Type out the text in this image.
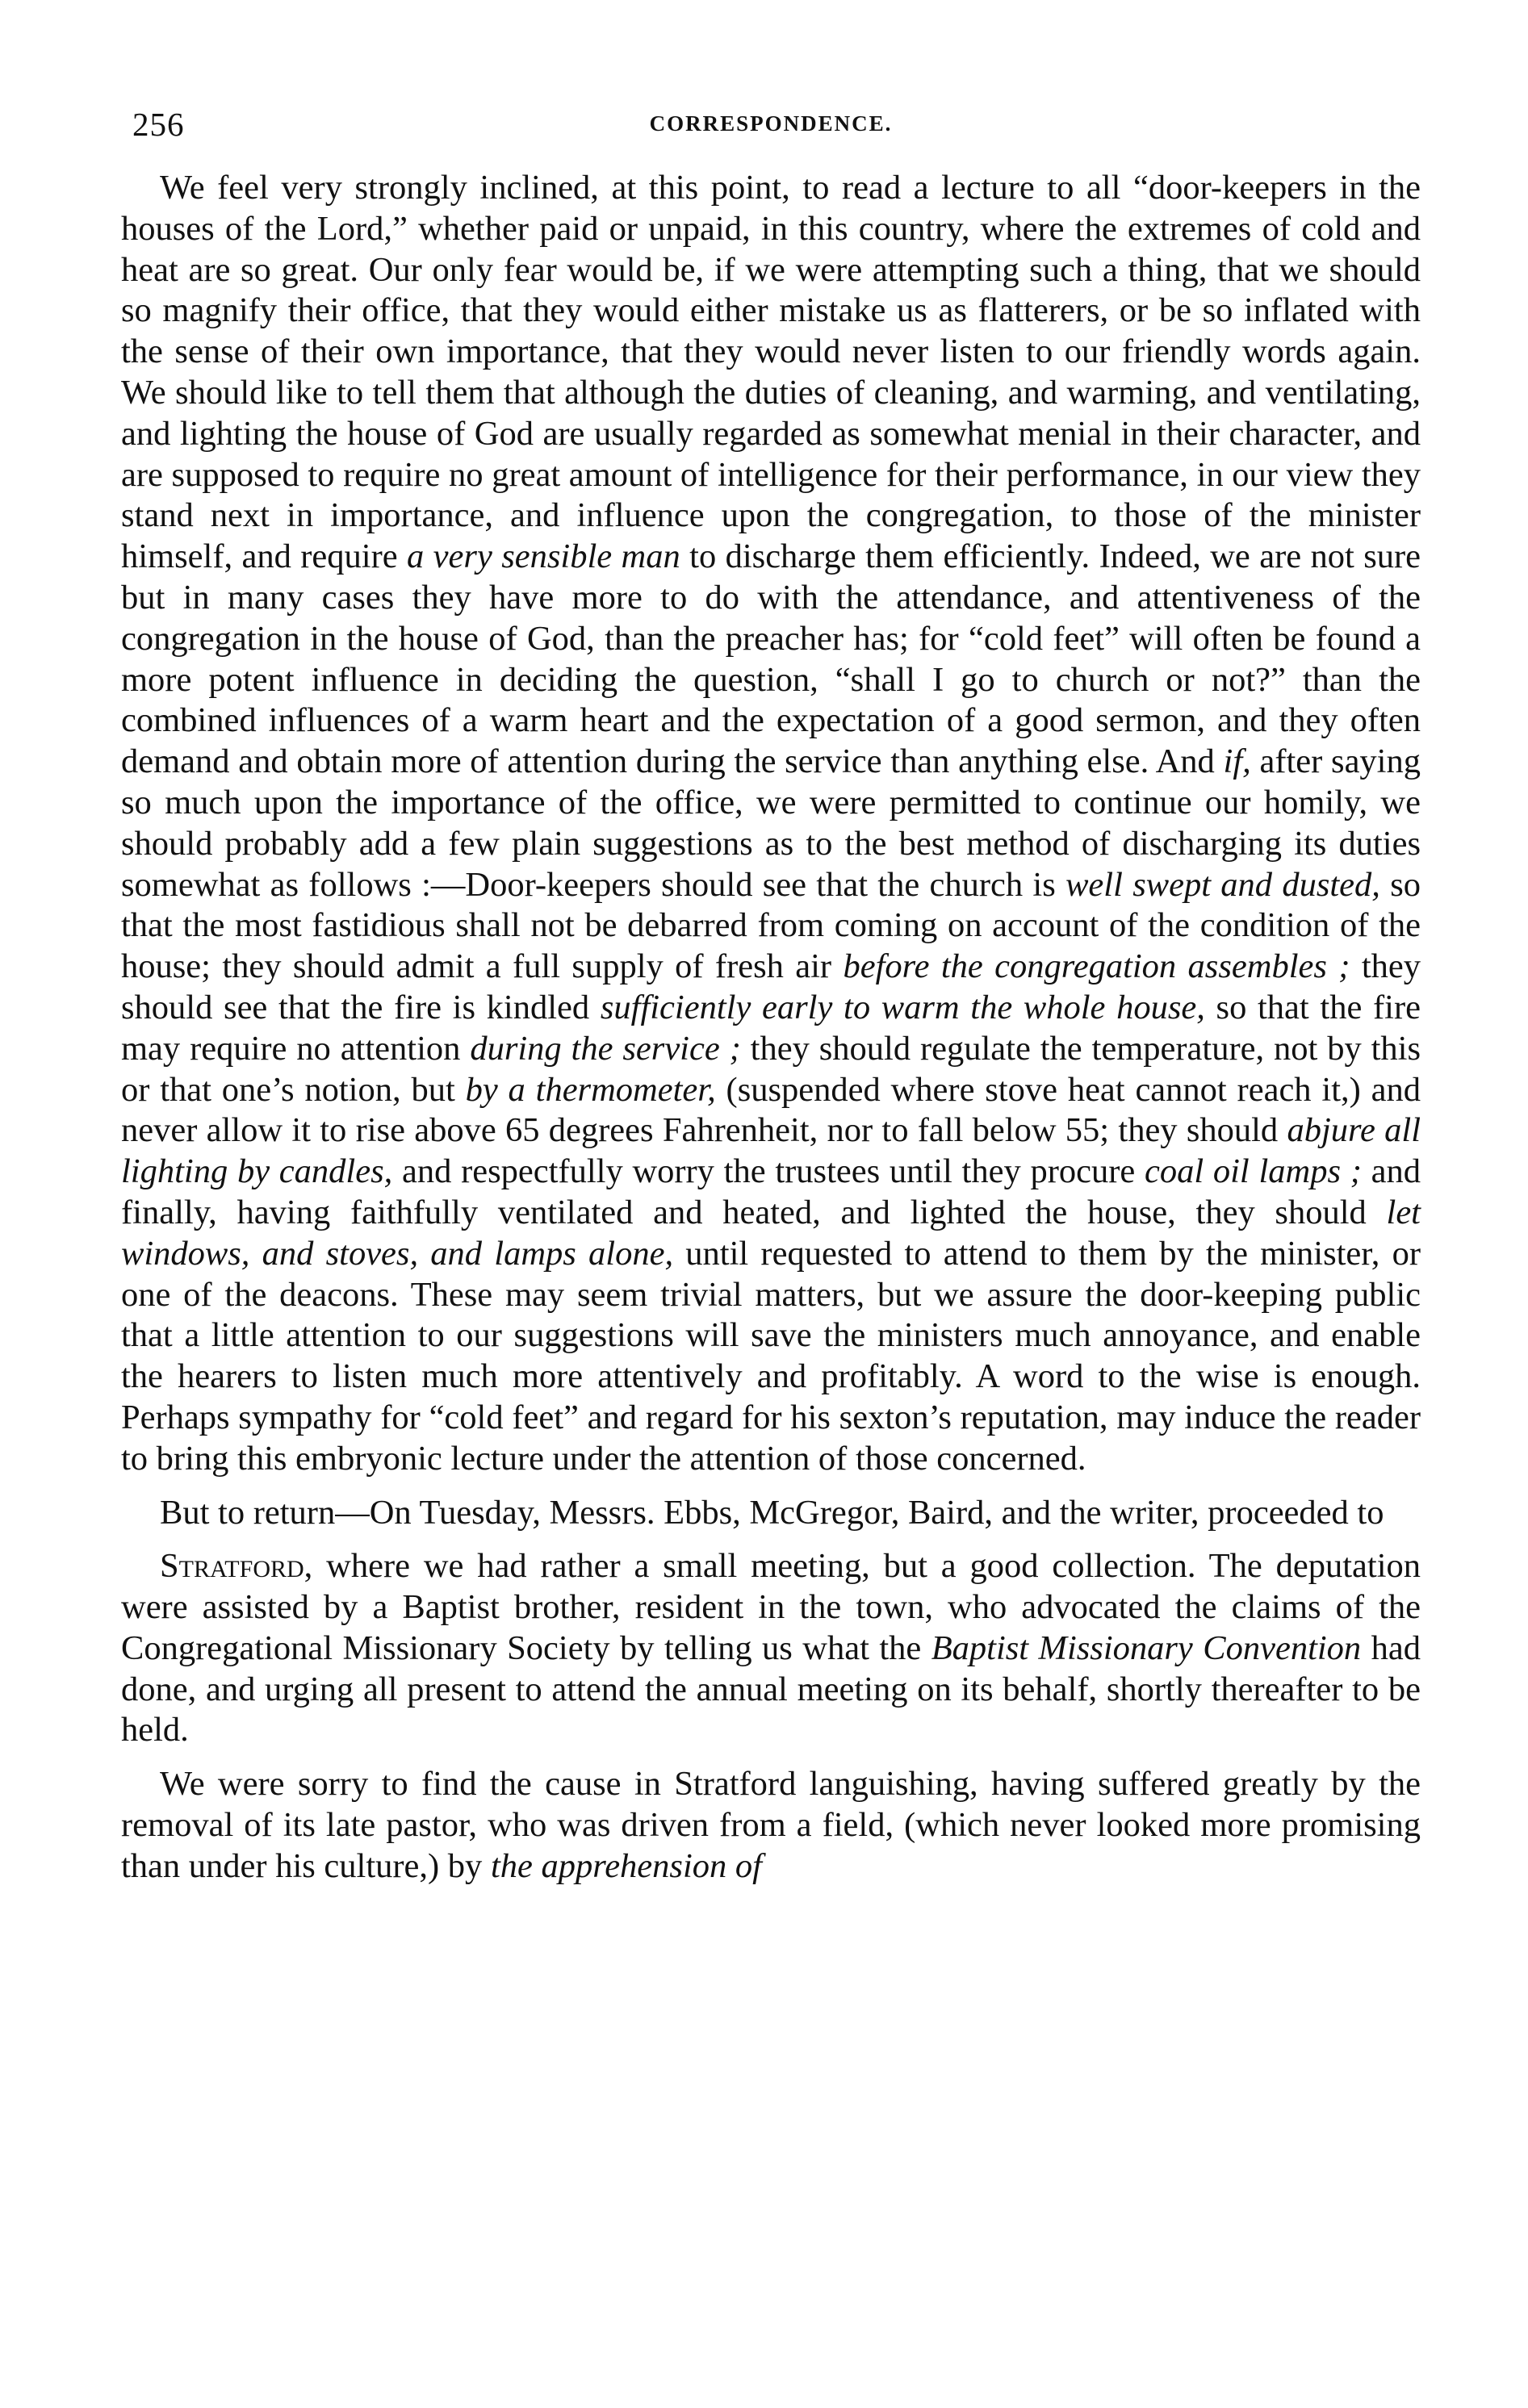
256	CORRESPONDENCE.

We feel very strongly inclined, at this point, to read a lecture to all “door-keepers in the houses of the Lord,” whether paid or unpaid, in this country, where the extremes of cold and heat are so great. Our only fear would be, if we were attempting such a thing, that we should so magnify their office, that they would either mistake us as flatterers, or be so inflated with the sense of their own importance, that they would never listen to our friendly words again. We should like to tell them that although the duties of cleaning, and warming, and ventilating, and lighting the house of God are usually regarded as somewhat menial in their character, and are supposed to require no great amount of intelligence for their performance, in our view they stand next in importance, and influence upon the congregation, to those of the minister himself, and require a very sensible man to discharge them efficiently. Indeed, we are not sure but in many cases they have more to do with the attendance, and attentiveness of the congregation in the house of God, than the preacher has; for “cold feet” will often be found a more potent influence in deciding the question, “shall I go to church or not?” than the combined influences of a warm heart and the expectation of a good sermon, and they often demand and obtain more of attention during the service than anything else. And if, after saying so much upon the importance of the office, we were permitted to continue our homily, we should probably add a few plain suggestions as to the best method of discharging its duties somewhat as follows :—Door-keepers should see that the church is well swept and dusted, so that the most fastidious shall not be debarred from coming on account of the condition of the house; they should admit a full supply of fresh air before the congregation assembles ; they should see that the fire is kindled sufficiently early to warm the whole house, so that the fire may require no attention during the service ; they should regulate the temperature, not by this or that one’s notion, but by a thermometer, (suspended where stove heat cannot reach it,) and never allow it to rise above 65 degrees Fahrenheit, nor to fall below 55; they should abjure all lighting by candles, and respectfully worry the trustees until they procure coal oil lamps ; and finally, having faithfully ventilated and heated, and lighted the house, they should let windows, and stoves, and lamps alone, until requested to attend to them by the minister, or one of the deacons. These may seem trivial matters, but we assure the door-keeping public that a little attention to our suggestions will save the ministers much annoyance, and enable the hearers to listen much more attentively and profitably. A word to the wise is enough. Perhaps sympathy for “cold feet” and regard for his sexton’s reputation, may induce the reader to bring this embryonic lecture under the attention of those concerned.

But to return—On Tuesday, Messrs. Ebbs, McGregor, Baird, and the writer, proceeded to

Stratford, where we had rather a small meeting, but a good collection. The deputation were assisted by a Baptist brother, resident in the town, who advocated the claims of the Congregational Missionary Society by telling us what the Baptist Missionary Convention had done, and urging all present to attend the annual meeting on its behalf, shortly thereafter to be held.

We were sorry to find the cause in Stratford languishing, having suffered greatly by the removal of its late pastor, who was driven from a field, (which never looked more promising than under his culture,) by the apprehension of
